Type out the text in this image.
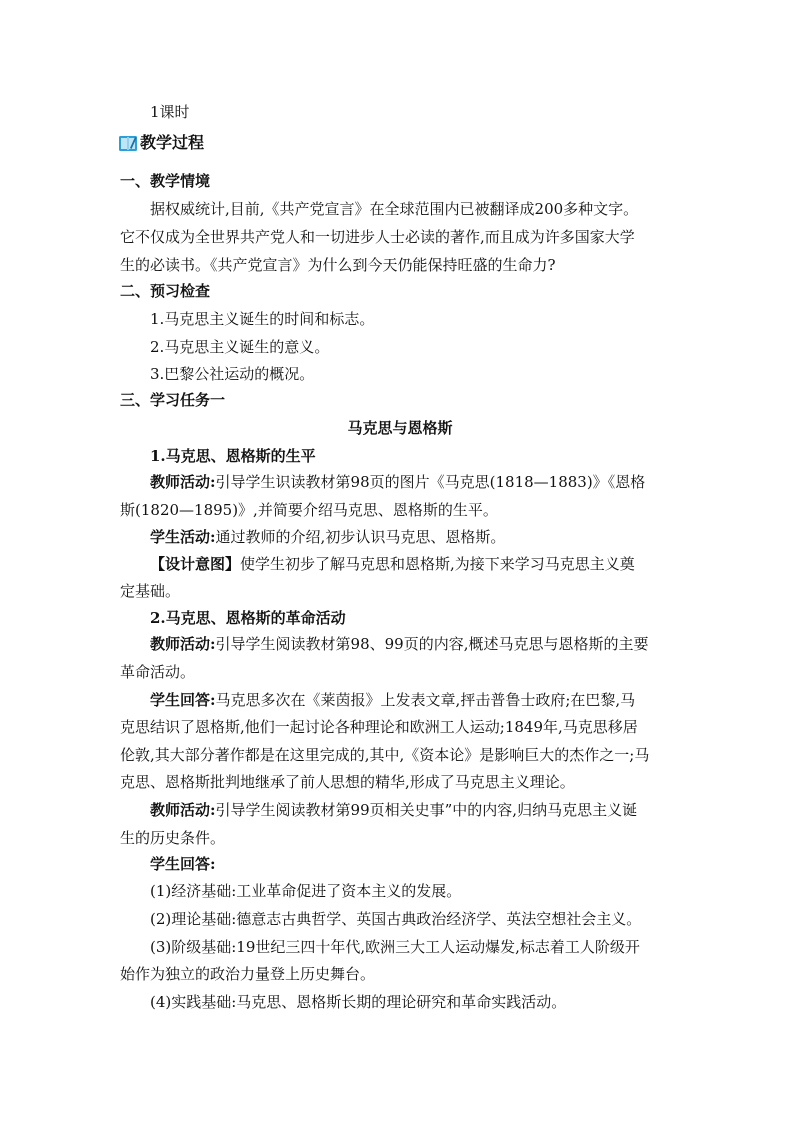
1课时
教学过程
一、教学情境
据权威统计,目前,《共产党宣言》在全球范围内已被翻译成200多种文字。
它不仅成为全世界共产党人和一切进步人士必读的著作,而且成为许多国家大学
生的必读书。《共产党宣言》为什么到今天仍能保持旺盛的生命力?
二、预习检查
1.马克思主义诞生的时间和标志。
2.马克思主义诞生的意义。
3.巴黎公社运动的概况。
三、学习任务一
马克思与恩格斯
1.马克思、恩格斯的生平
教师活动:引导学生识读教材第98页的图片《马克思(1818—1883)》《恩格
斯(1820—1895)》,并简要介绍马克思、恩格斯的生平。
学生活动:通过教师的介绍,初步认识马克思、恩格斯。
【设计意图】使学生初步了解马克思和恩格斯,为接下来学习马克思主义奠
定基础。
2.马克思、恩格斯的革命活动
教师活动:引导学生阅读教材第98、99页的内容,概述马克思与恩格斯的主要
革命活动。
学生回答:马克思多次在《莱茵报》上发表文章,抨击普鲁士政府;在巴黎,马
克思结识了恩格斯,他们一起讨论各种理论和欧洲工人运动;1849年,马克思移居
伦敦,其大部分著作都是在这里完成的,其中,《资本论》是影响巨大的杰作之一;马
克思、恩格斯批判地继承了前人思想的精华,形成了马克思主义理论。
教师活动:引导学生阅读教材第99页相关史事”中的内容,归纳马克思主义诞
生的历史条件。
学生回答:
(1)经济基础:工业革命促进了资本主义的发展。
(2)理论基础:德意志古典哲学、英国古典政治经济学、英法空想社会主义。
(3)阶级基础:19世纪三四十年代,欧洲三大工人运动爆发,标志着工人阶级开
始作为独立的政治力量登上历史舞台。
(4)实践基础:马克思、恩格斯长期的理论研究和革命实践活动。
